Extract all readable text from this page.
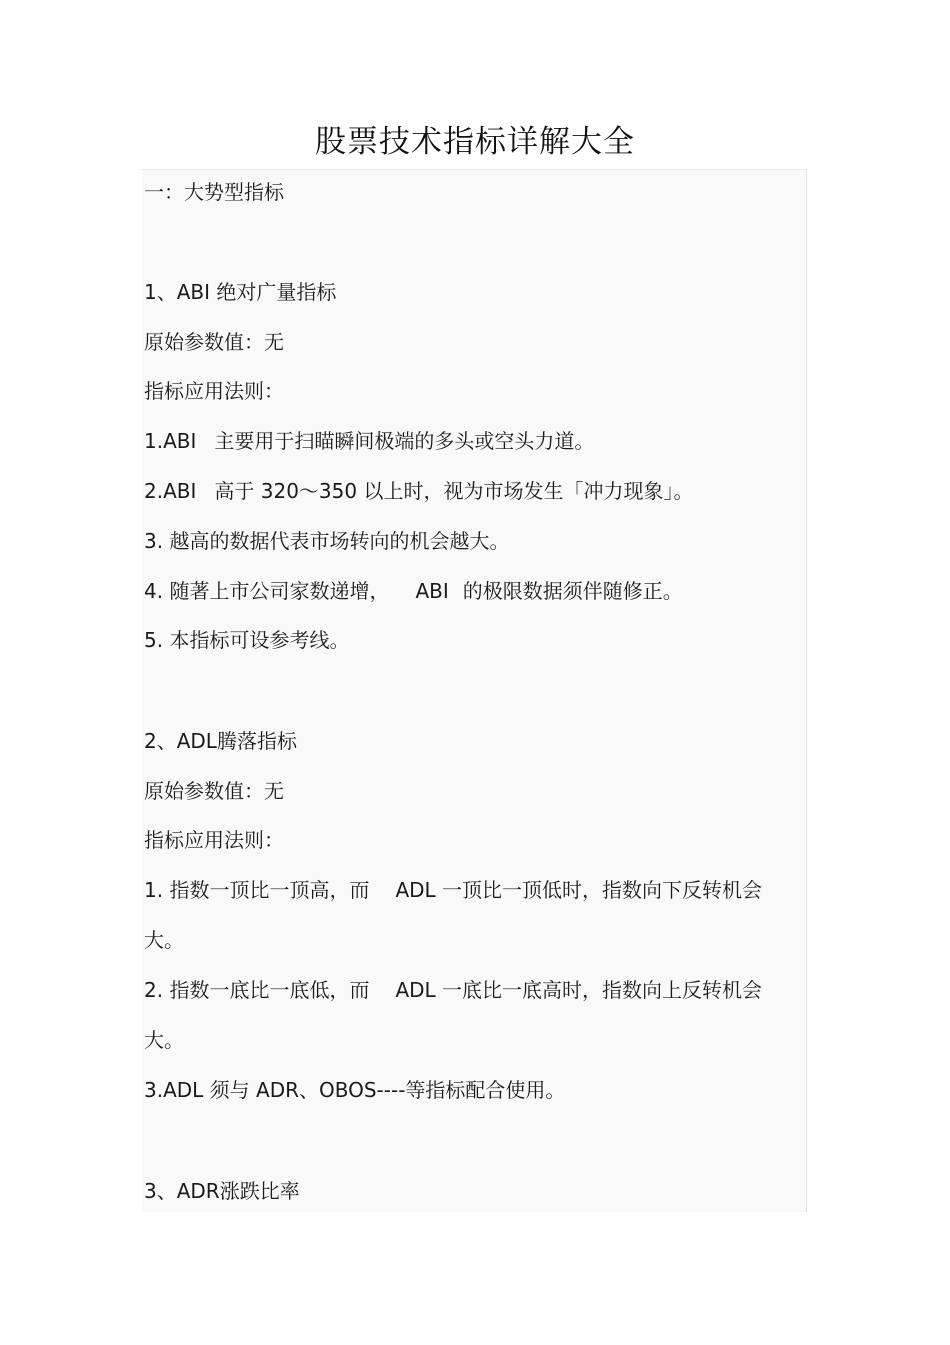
股票技术指标详解大全
一：大势型指标
1、ABI 绝对广量指标
原始参数值：无
指标应用法则：
1.ABI 主要用于扫瞄瞬间极端的多头或空头力道。
2.ABI 高于 320～350 以上时，视为市场发生「冲力现象」。
3. 越高的数据代表市场转向的机会越大。
4. 随著上市公司家数递增， ABI 的极限数据须伴随修正。
5. 本指标可设参考线。
2、ADL腾落指标
原始参数值：无
指标应用法则：
1. 指数一顶比一顶高，而 ADL 一顶比一顶低时，指数向下反转机会
大。
2. 指数一底比一底低，而 ADL 一底比一底高时，指数向上反转机会
大。
3.ADL 须与 ADR、OBOS----等指标配合使用。
3、ADR涨跌比率
